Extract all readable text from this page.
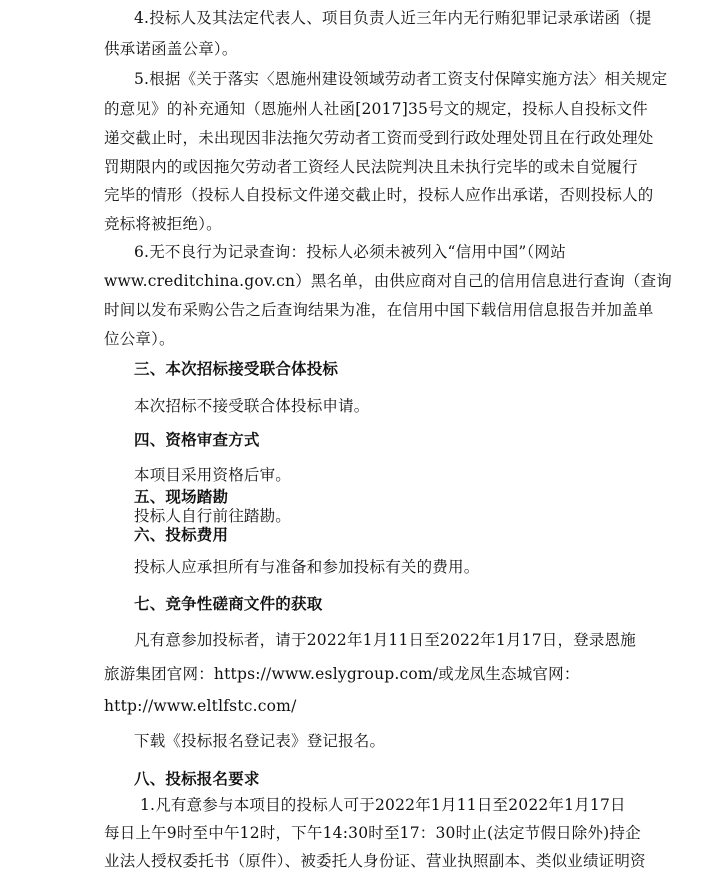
4.投标人及其法定代表人、项目负责人近三年内无行贿犯罪记录承诺函（提
供承诺函盖公章）。
5.根据《关于落实〈恩施州建设领域劳动者工资支付保障实施方法〉相关规定
的意见》的补充通知（恩施州人社函[2017]35号文的规定，投标人自投标文件
递交截止时，未出现因非法拖欠劳动者工资而受到行政处理处罚且在行政处理处
罚期限内的或因拖欠劳动者工资经人民法院判决且未执行完毕的或未自觉履行
完毕的情形（投标人自投标文件递交截止时，投标人应作出承诺，否则投标人的
竞标将被拒绝）。
6.无不良行为记录查询：投标人必须未被列入“信用中国”（网站
www.creditchina.gov.cn）黑名单，由供应商对自己的信用信息进行查询（查询
时间以发布采购公告之后查询结果为准，在信用中国下载信用信息报告并加盖单
位公章）。
三、本次招标接受联合体投标
本次招标不接受联合体投标申请。
四、资格审查方式
本项目采用资格后审。
五、现场踏勘
投标人自行前往踏勘。
六、投标费用
投标人应承担所有与准备和参加投标有关的费用。
七、竞争性磋商文件的获取
凡有意参加投标者，请于2022年1月11日至2022年1月17日，登录恩施
旅游集团官网：https://www.eslygroup.com/或龙凤生态城官网：
http://www.eltlfstc.com/
下载《投标报名登记表》登记报名。
八、投标报名要求
1.凡有意参与本项目的投标人可于2022年1月11日至2022年1月17日
每日上午9时至中午12时，下午14:30时至17：30时止(法定节假日除外)持企
业法人授权委托书（原件）、被委托人身份证、营业执照副本、类似业绩证明资
